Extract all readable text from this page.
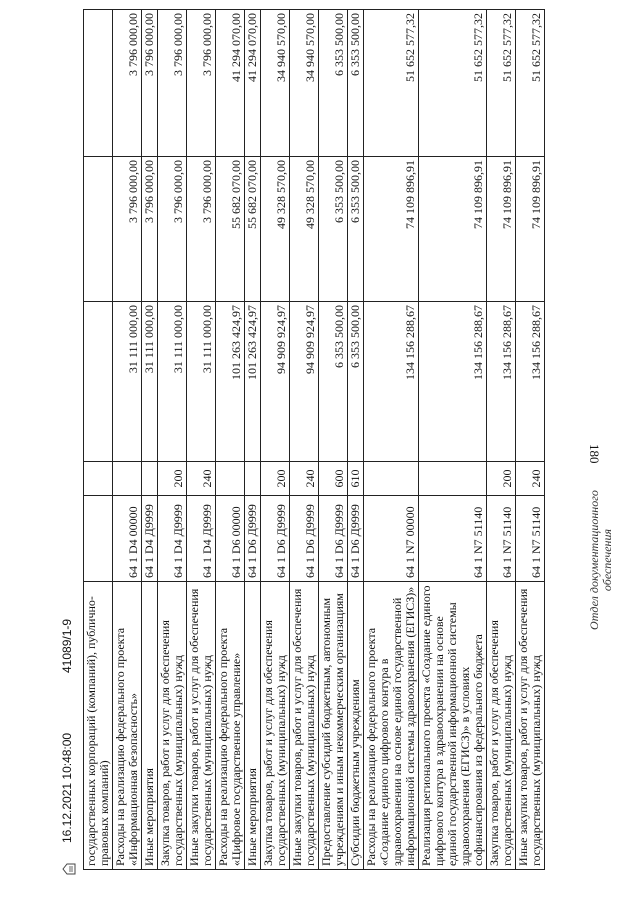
180
государственных корпораций (компаний), публично-правовых компаний)					
Расходы на реализацию федерального проекта «Информационная безопасность»	64 1 D4 00000		31 111 000,00	3 796 000,00	3 796 000,00
Иные мероприятия	64 1 D4 Д9999		31 111 000,00	3 796 000,00	3 796 000,00
Закупка товаров, работ и услуг для обеспечения государственных (муниципальных) нужд	64 1 D4 Д9999	200	31 111 000,00	3 796 000,00	3 796 000,00
Иные закупки товаров, работ и услуг для обеспечения государственных (муниципальных) нужд	64 1 D4 Д9999	240	31 111 000,00	3 796 000,00	3 796 000,00
Расходы на реализацию федерального проекта «Цифровое государственное управление»	64 1 D6 00000		101 263 424,97	55 682 070,00	41 294 070,00
Иные мероприятия	64 1 D6 Д9999		101 263 424,97	55 682 070,00	41 294 070,00
Закупка товаров, работ и услуг для обеспечения государственных (муниципальных) нужд	64 1 D6 Д9999	200	94 909 924,97	49 328 570,00	34 940 570,00
Иные закупки товаров, работ и услуг для обеспечения государственных (муниципальных) нужд	64 1 D6 Д9999	240	94 909 924,97	49 328 570,00	34 940 570,00
Предоставление субсидий бюджетным, автономным учреждениям и иным некоммерческим организациям	64 1 D6 Д9999	600	6 353 500,00	6 353 500,00	6 353 500,00
Субсидии бюджетным учреждениям	64 1 D6 Д9999	610	6 353 500,00	6 353 500,00	6 353 500,00
Расходы на реализацию федерального проекта «Создание единого цифрового контура в здравоохранении на основе единой государственной информационной системы здравоохранения (ЕГИСЗ)»	64 1 N7 00000		134 156 288,67	74 109 896,91	51 652 577,32
Реализация регионального проекта «Создание единого цифрового контура в здравоохранении на основе единой государственной информационной системы здравоохранения (ЕГИСЗ)» в условиях софинансирования из федерального бюджета	64 1 N7 51140		134 156 288,67	74 109 896,91	51 652 577,32
Закупка товаров, работ и услуг для обеспечения государственных (муниципальных) нужд	64 1 N7 51140	200	134 156 288,67	74 109 896,91	51 652 577,32
Иные закупки товаров, работ и услуг для обеспечения государственных (муниципальных) нужд	64 1 N7 51140	240	134 156 288,67	74 109 896,91	51 652 577,32
Отдел документационного обеспечения
16.12.2021 10:48:00
41089/1-9
